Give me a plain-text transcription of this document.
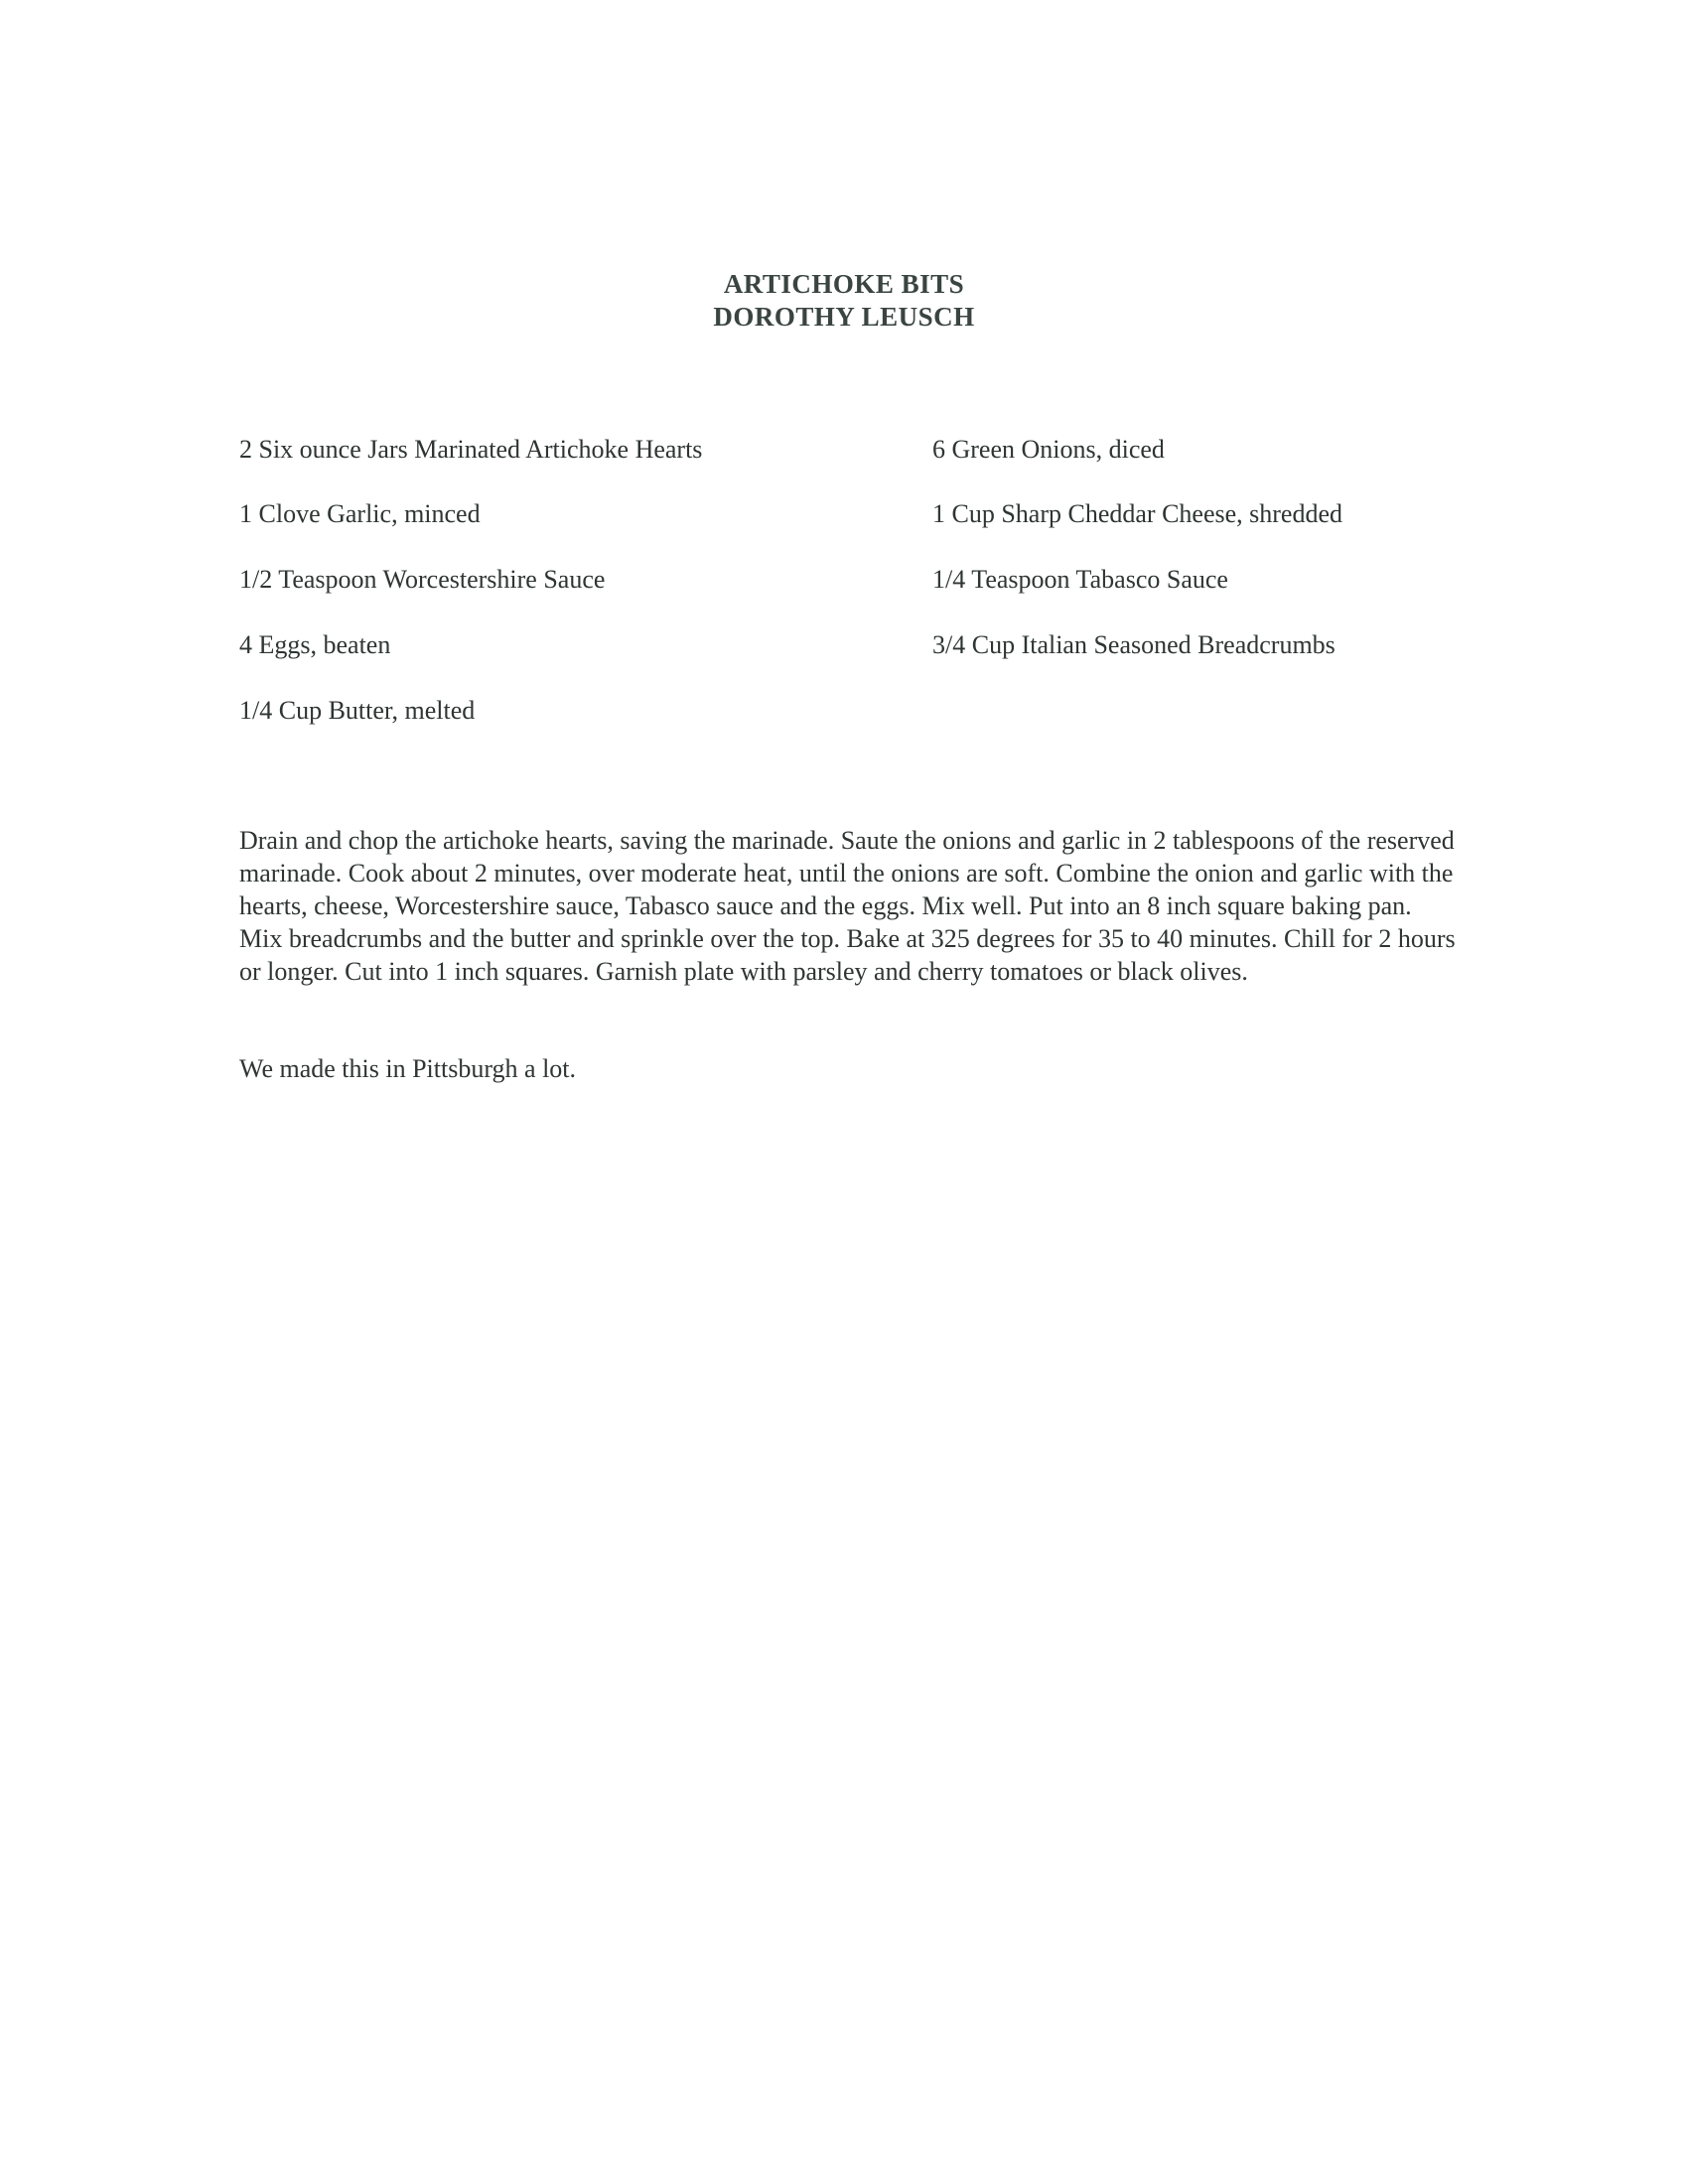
ARTICHOKE BITS
DOROTHY LEUSCH
2 Six ounce Jars Marinated Artichoke Hearts
1 Clove Garlic, minced
1/2 Teaspoon Worcestershire Sauce
4 Eggs, beaten
1/4 Cup Butter, melted
6 Green Onions, diced
1 Cup Sharp Cheddar Cheese, shredded
1/4 Teaspoon Tabasco Sauce
3/4 Cup Italian Seasoned Breadcrumbs

Drain and chop the artichoke hearts, saving the marinade. Saute the onions and garlic in 2 tablespoons of the reserved marinade. Cook about 2 minutes, over moderate heat, until the onions are soft. Combine the onion and garlic with the hearts, cheese, Worcestershire sauce, Tabasco sauce and the eggs. Mix well. Put into an 8 inch square baking pan. Mix breadcrumbs and the butter and sprinkle over the top. Bake at 325 degrees for 35 to 40 minutes. Chill for 2 hours or longer. Cut into 1 inch squares. Garnish plate with parsley and cherry tomatoes or black olives.

We made this in Pittsburgh a lot.
